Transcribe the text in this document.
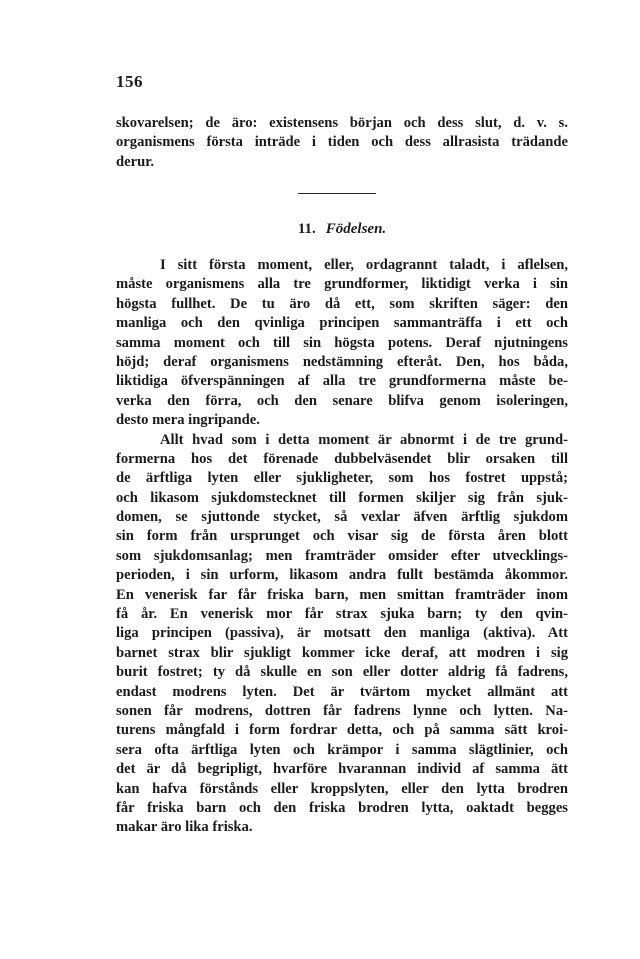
156
skovarelsen; de äro: existensens början och dess slut, d. v. s.
organismens första inträde i tiden och dess allrasista trädande
derur.
11. Födelsen.
I sitt första moment, eller, ordagrannt taladt, i aflelsen,
måste organismens alla tre grundformer, liktidigt verka i sin
högsta fullhet. De tu äro då ett, som skriften säger: den
manliga och den qvinliga principen sammanträffa i ett och
samma moment och till sin högsta potens. Deraf njutningens
höjd; deraf organismens nedstämning efteråt. Den, hos båda,
liktidiga öfverspänningen af alla tre grundformerna måste be-
verka den förra, och den senare blifva genom isoleringen,
desto mera ingripande.
Allt hvad som i detta moment är abnormt i de tre grund-
formerna hos det förenade dubbelväsendet blir orsaken till
de ärftliga lyten eller sjukligheter, som hos fostret uppstå;
och likasom sjukdomstecknet till formen skiljer sig från sjuk-
domen, se sjuttonde stycket, så vexlar äfven ärftlig sjukdom
sin form från ursprunget och visar sig de första åren blott
som sjukdomsanlag; men framträder omsider efter utvecklings-
perioden, i sin urform, likasom andra fullt bestämda åkommor.
En venerisk far får friska barn, men smittan framträder inom
få år. En venerisk mor får strax sjuka barn; ty den qvin-
liga principen (passiva), är motsatt den manliga (aktiva). Att
barnet strax blir sjukligt kommer icke deraf, att modren i sig
burit fostret; ty då skulle en son eller dotter aldrig få fadrens,
endast modrens lyten. Det är tvärtom mycket allmänt att
sonen får modrens, dottren får fadrens lynne och lytten. Na-
turens mångfald i form fordrar detta, och på samma sätt kroi-
sera ofta ärftliga lyten och krämpor i samma slägtlinier, och
det är då begripligt, hvarföre hvarannan individ af samma ätt
kan hafva förstånds eller kroppslyten, eller den lytta brodren
får friska barn och den friska brodren lytta, oaktadt begges
makar äro lika friska.
